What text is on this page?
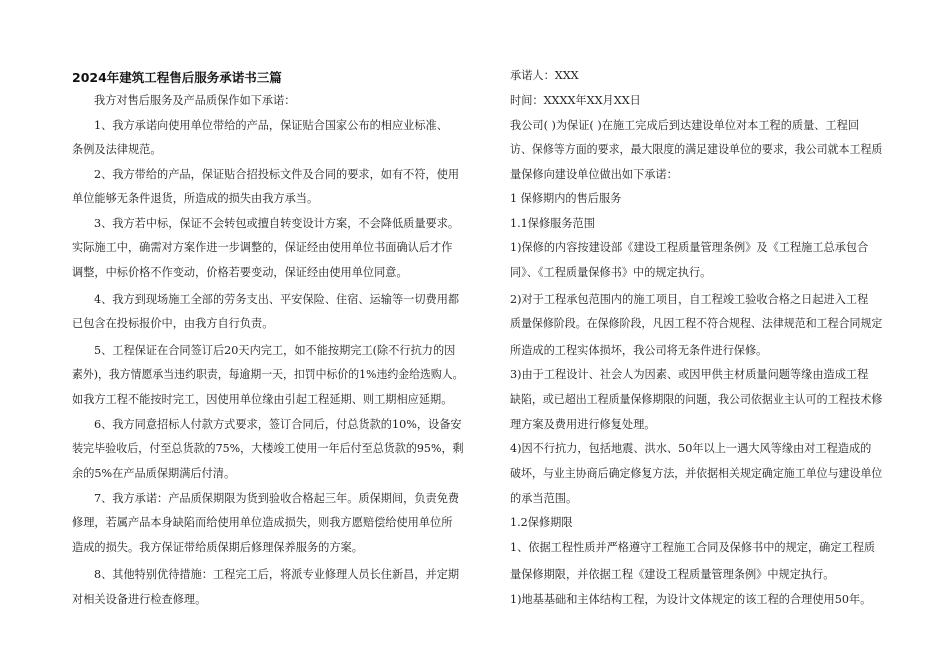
2024年建筑工程售后服务承诺书三篇
我方对售后服务及产品质保作如下承诺：
1、我方承诺向使用单位带给的产品，保证贴合国家公布的相应业标准、
条例及法律规范。
2、我方带给的产品，保证贴合招投标文件及合同的要求，如有不符，使用
单位能够无条件退货，所造成的损失由我方承当。
3、我方若中标，保证不会转包或擅自转变设计方案，不会降低质量要求。
实际施工中，确需对方案作进一步调整的，保证经由使用单位书面确认后才作
调整，中标价格不作变动，价格若要变动，保证经由使用单位同意。
4、我方到现场施工全部的劳务支出、平安保险、住宿、运输等一切费用都
已包含在投标报价中，由我方自行负责。
5、工程保证在合同签订后20天内完工，如不能按期完工(除不行抗力的因
素外)，我方情愿承当违约职责，每逾期一天，扣罚中标价的1%违约金给选购人。
如我方工程不能按时完工，因使用单位缘由引起工程延期、则工期相应延期。
6、我方同意招标人付款方式要求，签订合同后，付总货款的10%，设备安
装完毕验收后，付至总货款的75%，大楼竣工使用一年后付至总货款的95%，剩
余的5%在产品质保期满后付清。
7、我方承诺：产品质保期限为货到验收合格起三年。质保期间，负责免费
修理，若属产品本身缺陷而给使用单位造成损失，则我方愿赔偿给使用单位所
造成的损失。我方保证带给质保期后修理保养服务的方案。
8、其他特别优待措施：工程完工后，将派专业修理人员长住新昌，并定期
对相关设备进行检查修理。
承诺人：XXX
时间：XXXX年XX月XX日
我公司( )为保证( )在施工完成后到达建设单位对本工程的质量、工程回
访、保修等方面的要求，最大限度的满足建设单位的要求，我公司就本工程质
量保修向建设单位做出如下承诺：
1 保修期内的售后服务
1.1保修服务范围
1)保修的内容按建设部《建设工程质量管理条例》及《工程施工总承包合
同》、《工程质量保修书》中的规定执行。
2)对于工程承包范围内的施工项目，自工程竣工验收合格之日起进入工程
质量保修阶段。在保修阶段，凡因工程不符合规程、法律规范和工程合同规定
所造成的工程实体损坏，我公司将无条件进行保修。
3)由于工程设计、社会人为因素、或因甲供主材质量问题等缘由造成工程
缺陷，或已超出工程质量保修期限的问题，我公司依据业主认可的工程技术修
理方案及费用进行修复处理。
4)因不行抗力，包括地震、洪水、50年以上一遇大风等缘由对工程造成的
破坏，与业主协商后确定修复方法，并依据相关规定确定施工单位与建设单位
的承当范围。
1.2保修期限
1、依据工程性质并严格遵守工程施工合同及保修书中的规定，确定工程质
量保修期限，并依据工程《建设工程质量管理条例》中规定执行。
1)地基基础和主体结构工程，为设计文体规定的该工程的合理使用50年。
